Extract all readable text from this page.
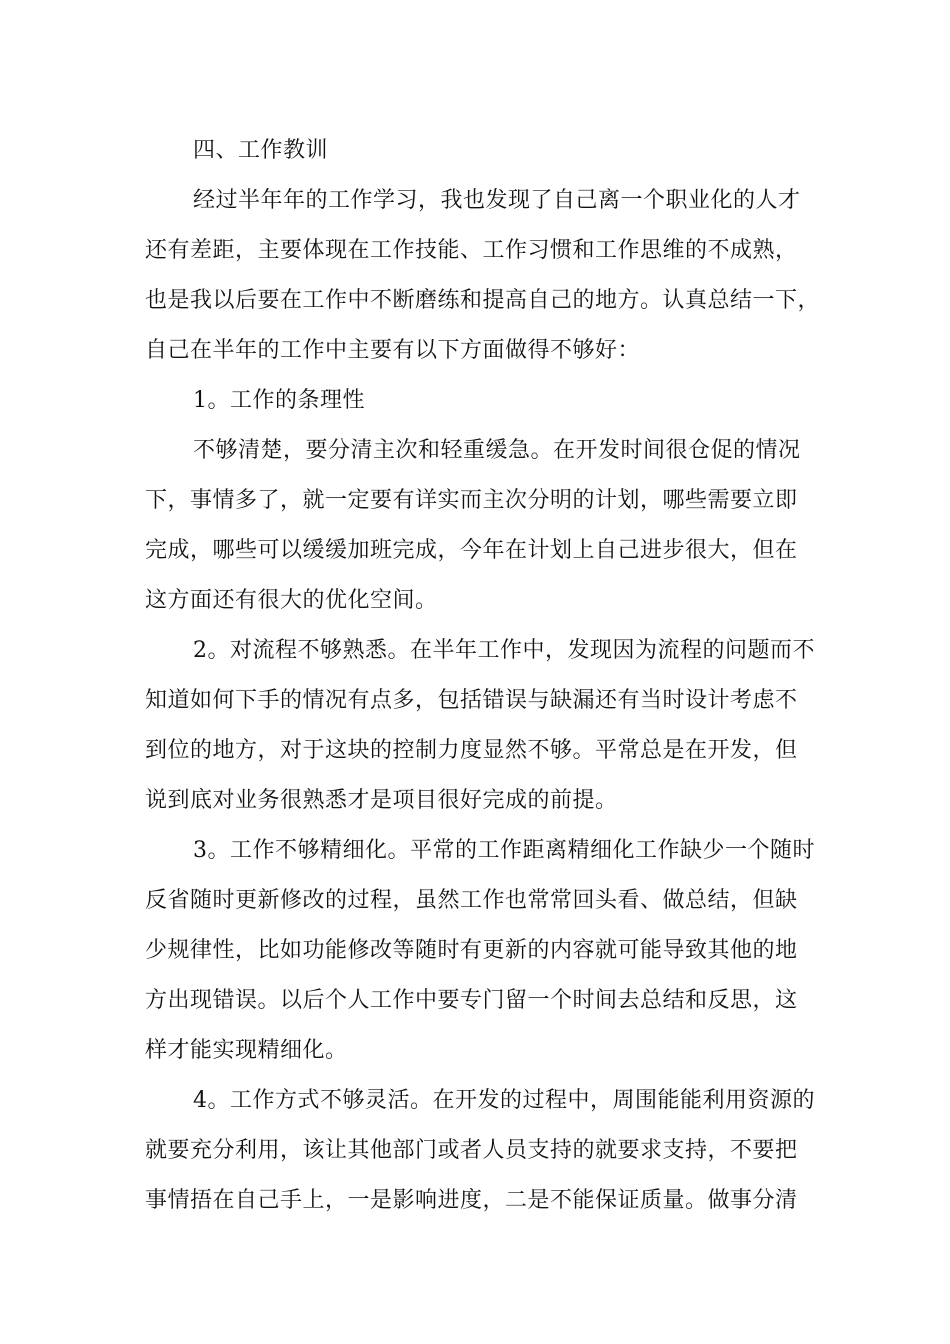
四、工作教训
经过半年年的工作学习，我也发现了自己离一个职业化的人才
还有差距，主要体现在工作技能、工作习惯和工作思维的不成熟，
也是我以后要在工作中不断磨练和提高自己的地方。认真总结一下，
自己在半年的工作中主要有以下方面做得不够好：
1。工作的条理性
不够清楚，要分清主次和轻重缓急。在开发时间很仓促的情况
下，事情多了，就一定要有详实而主次分明的计划，哪些需要立即
完成，哪些可以缓缓加班完成，今年在计划上自己进步很大，但在
这方面还有很大的优化空间。
2。对流程不够熟悉。在半年工作中，发现因为流程的问题而不
知道如何下手的情况有点多，包括错误与缺漏还有当时设计考虑不
到位的地方，对于这块的控制力度显然不够。平常总是在开发，但
说到底对业务很熟悉才是项目很好完成的前提。
3。工作不够精细化。平常的工作距离精细化工作缺少一个随时
反省随时更新修改的过程，虽然工作也常常回头看、做总结，但缺
少规律性，比如功能修改等随时有更新的内容就可能导致其他的地
方出现错误。以后个人工作中要专门留一个时间去总结和反思，这
样才能实现精细化。
4。工作方式不够灵活。在开发的过程中，周围能能利用资源的
就要充分利用，该让其他部门或者人员支持的就要求支持，不要把
事情捂在自己手上，一是影响进度，二是不能保证质量。做事分清
